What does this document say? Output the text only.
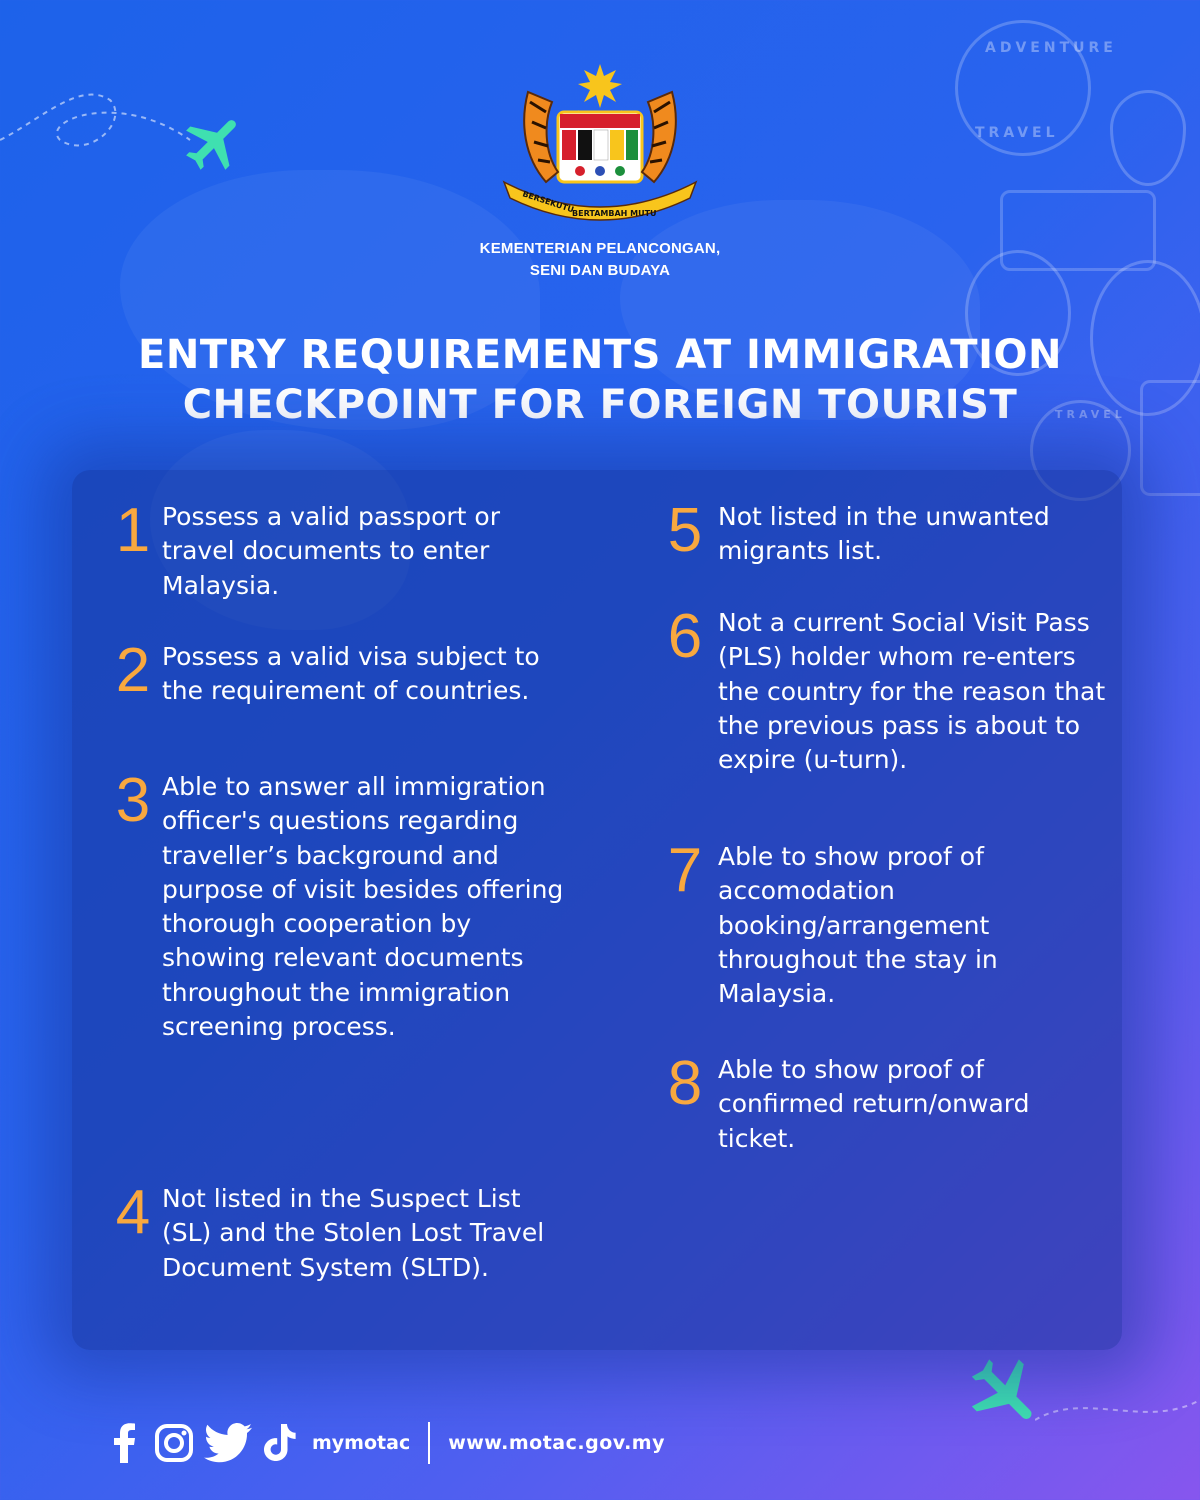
ADVENTURE
TRAVEL
TRAVEL
BERSEKUTU
BERTAMBAH MUTU
KEMENTERIAN PELANCONGAN,
SENI DAN BUDAYA
ENTRY REQUIREMENTS AT IMMIGRATION
CHECKPOINT FOR FOREIGN TOURIST
1 Possess a valid passport or travel documents to enter Malaysia.
2 Possess a valid visa subject to the requirement of countries.
3 Able to answer all immigration officer's questions regarding traveller’s background and purpose of visit besides offering thorough cooperation by showing relevant documents throughout the immigration screening process.
4 Not listed in the Suspect List (SL) and the Stolen Lost Travel Document System (SLTD).
5 Not listed in the unwanted migrants list.
6 Not a current Social Visit Pass (PLS) holder whom re-enters the country for the reason that the previous pass is about to expire (u-turn).
7 Able to show proof of accomodation booking/arrangement throughout the stay in Malaysia.
8 Able to show proof of confirmed return/onward ticket.
mymotac www.motac.gov.my
